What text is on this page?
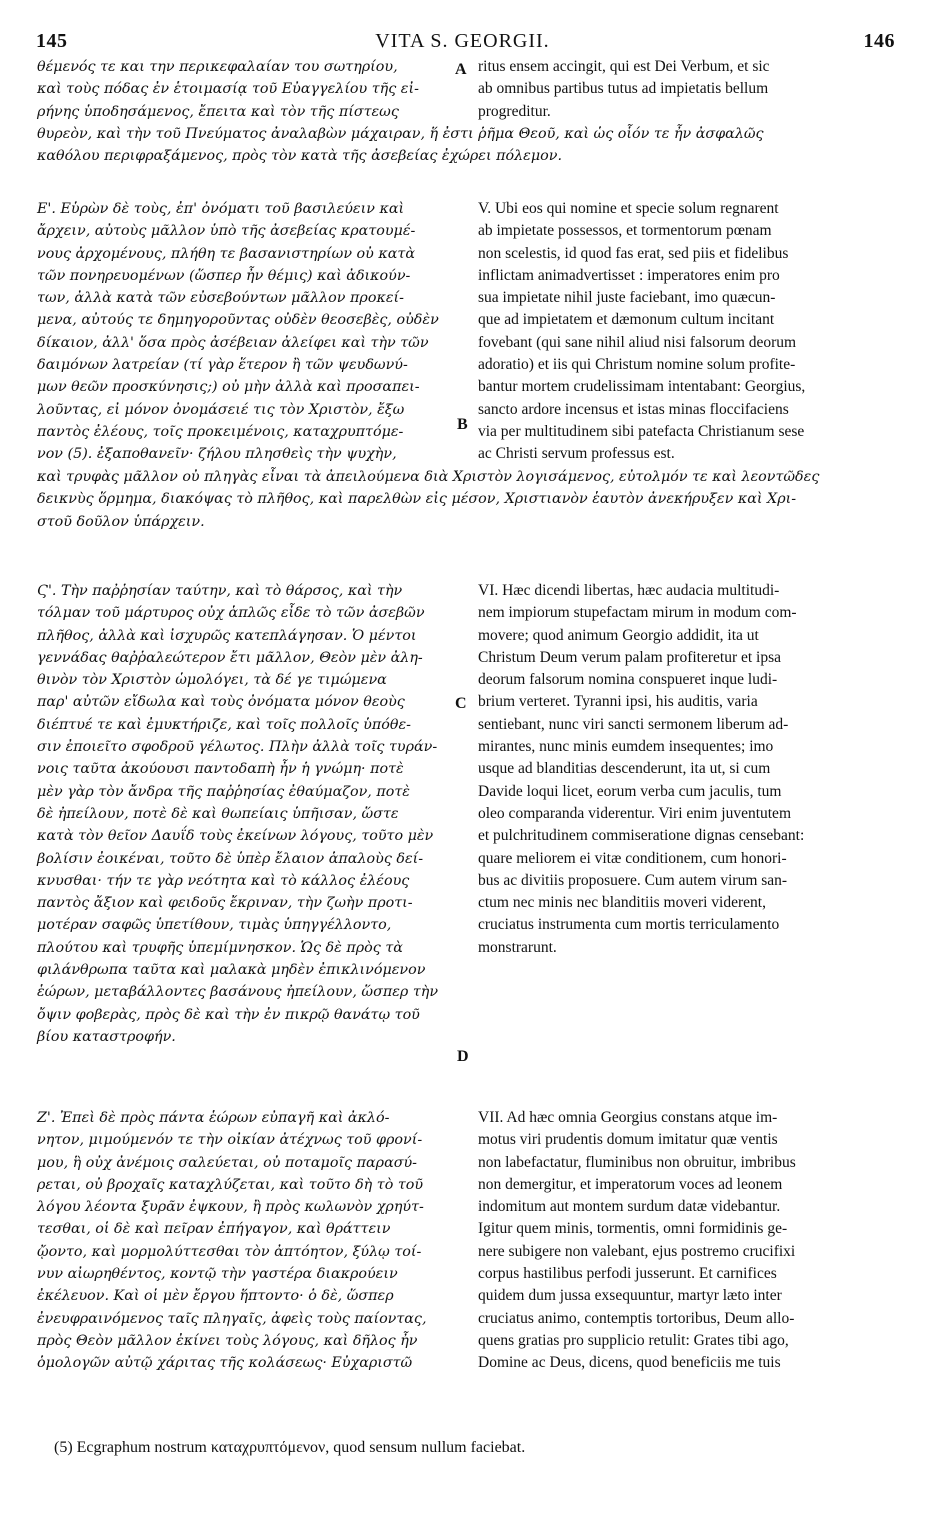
VITA S. GEORGII.
145	146
θέμενός τε και την περικεφαλαίαν του σωτηρίου,
καὶ τοὺς πόδας ἐν ἑτοιμασίᾳ τοῦ Εὐαγγελίου τῆς εἰ-
ρήνης ὑποδησάμενος, ἔπειτα καὶ τὸν τῆς πίστεως
ritus ensem accingit, qui est Dei Verbum, et sic
ab omnibus partibus tutus ad impietatis bellum
progreditur.
θυρεὸν, καὶ τὴν τοῦ Πνεύματος ἀναλαβὼν μάχαιραν, ἥ ἐστι ῥῆμα Θεοῦ, καὶ ὡς οἷόν τε ἦν ἀσφαλῶς
καθόλου περιφραξάμενος, πρὸς τὸν κατὰ τῆς ἀσεβείας ἐχώρει πόλεμον.
Ε'. Εὑρὼν δὲ τοὺς, ἐπ' ὀνόματι τοῦ βασιλεύειν καὶ
ἄρχειν, αὐτοὺς μᾶλλον ὑπὸ τῆς ἀσεβείας κρατουμέ-
νους ἀρχομένους, πλήθη τε βασανιστηρίων οὐ κατὰ
τῶν πονηρευομένων (ὥσπερ ἦν θέμις) καὶ ἀδικούν-
των, ἀλλὰ κατὰ τῶν εὐσεβούντων μᾶλλον προκεί-
μενα, αὐτούς τε δημηγοροῦντας οὐδὲν θεοσεβὲς, οὐδὲν
δίκαιον, ἀλλ' ὅσα πρὸς ἀσέβειαν ἀλείφει καὶ τὴν τῶν
δαιμόνων λατρείαν (τί γὰρ ἕτερον ἢ τῶν ψευδωνύ-
μων θεῶν προσκύνησις;) οὐ μὴν ἀλλὰ καὶ προσαπει-
λοῦντας, εἰ μόνον ὀνομάσειέ τις τὸν Χριστὸν, ἔξω
παντὸς ἐλέους, τοῖς προκειμένοις, καταχρυπτόμε-
νον (5). ἐξαποθανεῖν· ζήλου πλησθεὶς τὴν ψυχὴν,
V. Ubi eos qui nomine et specie solum regnarent
ab impietate possessos, et tormentorum pœnam
non scelestis, id quod fas erat, sed piis et fidelibus
inflictam animadvertisset : imperatores enim pro
sua impietate nihil juste faciebant, imo quæcun-
que ad impietatem et dæmonum cultum incitant
fovebant (qui sane nihil aliud nisi falsorum deorum
adoratio) et iis qui Christum nomine solum profite-
bantur mortem crudelissimam intentabant: Georgius,
sancto ardore incensus et istas minas floccifaciens
via per multitudinem sibi patefacta Christianum sese
ac Christi servum professus est.
καὶ τρυφὰς μᾶλλον οὐ πληγὰς εἶναι τὰ ἀπειλούμενα διὰ Χριστὸν λογισάμενος, εὐτολμόν τε καὶ λεοντῶδες
δεικνὺς ὅρμημα, διακόψας τὸ πλῆθος, καὶ παρελθὼν εἰς μέσον, Χριστιανὸν ἑαυτὸν ἀνεκήρυξεν καὶ Χρι-
στοῦ δοῦλον ὑπάρχειν.
Ϛ'. Τὴν παῤῥησίαν ταύτην, καὶ τὸ θάρσος, καὶ τὴν
τόλμαν τοῦ μάρτυρος οὐχ ἁπλῶς εἶδε τὸ τῶν ἀσεβῶν
πλῆθος, ἀλλὰ καὶ ἰσχυρῶς κατεπλάγησαν. Ὁ μέντοι
γεννάδας θαῤῥαλεώτερον ἔτι μᾶλλον, Θεὸν μὲν ἀλη-
θινὸν τὸν Χριστὸν ὡμολόγει, τὰ δέ γε τιμώμενα
παρ' αὐτῶν εἴδωλα καὶ τοὺς ὀνόματα μόνον θεοὺς
διέπτυέ τε καὶ ἐμυκτήριζε, καὶ τοῖς πολλοῖς ὑπόθε-
σιν ἐποιεῖτο σφοδροῦ γέλωτος. Πλὴν ἀλλὰ τοῖς τυράν-
νοις ταῦτα ἀκούουσι παντοδαπὴ ἦν ἡ γνώμη· ποτὲ
μὲν γὰρ τὸν ἄνδρα τῆς παῤῥησίας ἐθαύμαζον, ποτὲ
δὲ ἠπείλουν, ποτὲ δὲ καὶ θωπείαις ὑπῆισαν, ὥστε
κατὰ τὸν θεῖον Δαυΐδ τοὺς ἐκείνων λόγους, τοῦτο μὲν
βολίσιν ἐοικέναι, τοῦτο δὲ ὑπὲρ ἔλαιον ἁπαλοὺς δεί-
κνυσθαι· τήν τε γὰρ νεότητα καὶ τὸ κάλλος ἐλέους
παντὸς ἄξιον καὶ φειδοῦς ἔκριναν, τὴν ζωὴν προτι-
μοτέραν σαφῶς ὑπετίθουν, τιμὰς ὑπηγγέλλοντο,
πλούτου καὶ τρυφῆς ὑπεμίμνησκον. Ὡς δὲ πρὸς τὰ
φιλάνθρωπα ταῦτα καὶ μαλακὰ μηδὲν ἐπικλινόμενον
ἑώρων, μεταβάλλοντες βασάνους ἠπείλουν, ὥσπερ τὴν
ὄψιν φοβερὰς, πρὸς δὲ καὶ τὴν ἐν πικρῷ θανάτῳ τοῦ
βίου καταστροφήν.
VI. Hæc dicendi libertas, hæc audacia multitudi-
nem impiorum stupefactam mirum in modum com-
movere; quod animum Georgio addidit, ita ut
Christum Deum verum palam profiteretur et ipsa
deorum falsorum nomina conspueret inque ludi-
brium verteret. Tyranni ipsi, his auditis, varia
sentiebant, nunc viri sancti sermonem liberum ad-
mirantes, nunc minis eumdem insequentes; imo
usque ad blanditias descenderunt, ita ut, si cum
Davide loqui licet, eorum verba cum jaculis, tum
oleo comparanda viderentur. Viri enim juventutem
et pulchritudinem commiseratione dignas censebant:
quare meliorem ei vitæ conditionem, cum honori-
bus ac divitiis proposuere. Cum autem virum san-
ctum nec minis nec blanditiis moveri viderent,
cruciatus instrumenta cum mortis terriculamento
monstrarunt.
Ζ'. Ἐπεὶ δὲ πρὸς πάντα ἑώρων εὐπαγῆ καὶ ἀκλό-
νητον, μιμούμενόν τε τὴν οἰκίαν ἀτέχνως τοῦ φρονί-
μου, ἣ οὐχ ἀνέμοις σαλεύεται, οὐ ποταμοῖς παρασύ-
ρεται, οὐ βροχαῖς καταχλύζεται, καὶ τοῦτο δὴ τὸ τοῦ
λόγου λέοντα ξυρᾶν ἐψκουν, ἢ πρὸς κωλωνὸν χρηύτ-
τεσθαι, οἱ δὲ καὶ πεῖραν ἐπήγαγον, καὶ θράττειν
ᾤοντο, καὶ μορμολύττεσθαι τὸν ἀπτόητον, ξύλῳ τοί-
νυν αἰωρηθέντος, κοντῷ τὴν γαστέρα διακρούειν
ἐκέλευον. Καὶ οἱ μὲν ἔργου ἥπτοντο· ὁ δὲ, ὥσπερ
ἐνευφραινόμενος ταῖς πληγαῖς, ἀφεὶς τοὺς παίοντας,
πρὸς Θεὸν μᾶλλον ἐκίνει τοὺς λόγους, καὶ δῆλος ἦν
ὁμολογῶν αὐτῷ χάριτας τῆς κολάσεως· Εὐχαριστῶ
VII. Ad hæc omnia Georgius constans atque im-
motus viri prudentis domum imitatur quæ ventis
non labefactatur, fluminibus non obruitur, imbribus
non demergitur, et imperatorum voces ad leonem
indomitum aut montem surdum datæ videbantur.
Igitur quem minis, tormentis, omni formidinis ge-
nere subigere non valebant, ejus postremo crucifixi
corpus hastilibus perfodi jusserunt. Et carnifices
quidem dum jussa exsequuntur, martyr læto inter
cruciatus animo, contemptis tortoribus, Deum allo-
quens gratias pro supplicio retulit: Grates tibi ago,
Domine ac Deus, dicens, quod beneficiis me tuis
A
B
C
D
(5) Ecgraphum nostrum καταχρυπτόμενον, quod sensum nullum faciebat.
